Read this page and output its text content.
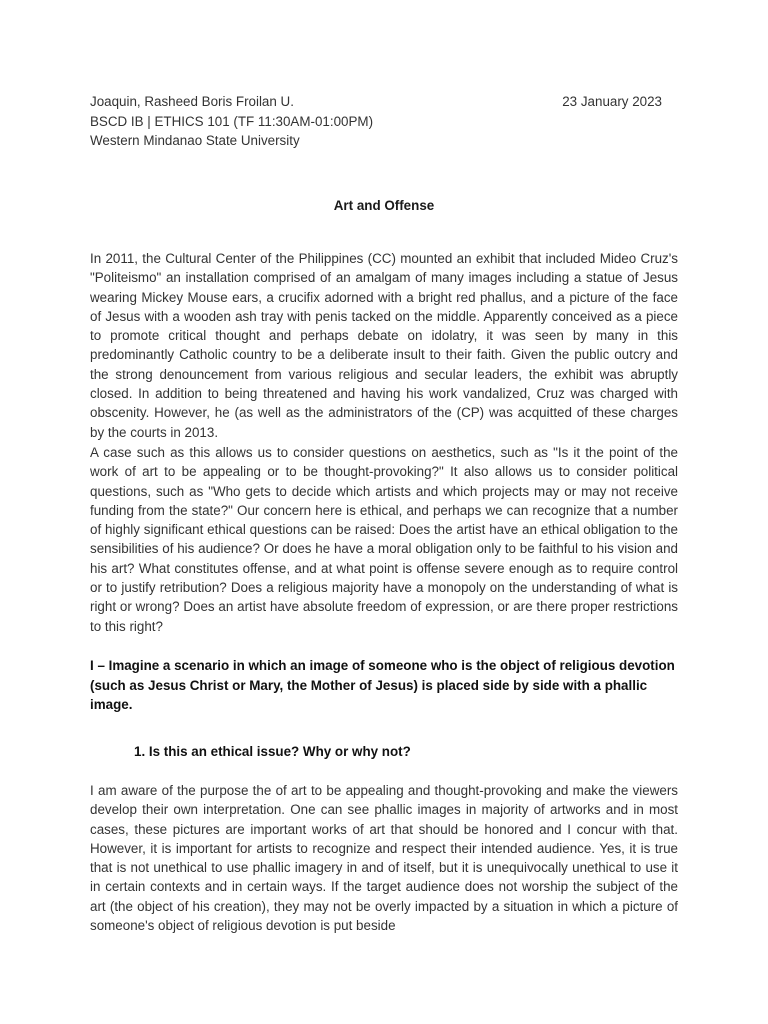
Joaquin, Rasheed Boris Froilan U.	23 January 2023
BSCD IB | ETHICS 101 (TF 11:30AM-01:00PM)
Western Mindanao State University
Art and Offense

In 2011, the Cultural Center of the Philippines (CC) mounted an exhibit that included Mideo Cruz's "Politeismo" an installation comprised of an amalgam of many images including a statue of Jesus wearing Mickey Mouse ears, a crucifix adorned with a bright red phallus, and a picture of the face of Jesus with a wooden ash tray with penis tacked on the middle. Apparently conceived as a piece to promote critical thought and perhaps debate on idolatry, it was seen by many in this predominantly Catholic country to be a deliberate insult to their faith. Given the public outcry and the strong denouncement from various religious and secular leaders, the exhibit was abruptly closed. In addition to being threatened and having his work vandalized, Cruz was charged with obscenity. However, he (as well as the administrators of the (CP) was acquitted of these charges by the courts in 2013.

A case such as this allows us to consider questions on aesthetics, such as "Is it the point of the work of art to be appealing or to be thought-provoking?" It also allows us to consider political questions, such as "Who gets to decide which artists and which projects may or may not receive funding from the state?" Our concern here is ethical, and perhaps we can recognize that a number of highly significant ethical questions can be raised: Does the artist have an ethical obligation to the sensibilities of his audience? Or does he have a moral obligation only to be faithful to his vision and his art? What constitutes offense, and at what point is offense severe enough as to require control or to justify retribution? Does a religious majority have a monopoly on the understanding of what is right or wrong? Does an artist have absolute freedom of expression, or are there proper restrictions to this right?

I – Imagine a scenario in which an image of someone who is the object of religious devotion (such as Jesus Christ or Mary, the Mother of Jesus) is placed side by side with a phallic image.

1. Is this an ethical issue? Why or why not?

I am aware of the purpose the of art to be appealing and thought-provoking and make the viewers develop their own interpretation. One can see phallic images in majority of artworks and in most cases, these pictures are important works of art that should be honored and I concur with that. However, it is important for artists to recognize and respect their intended audience. Yes, it is true that is not unethical to use phallic imagery in and of itself, but it is unequivocally unethical to use it in certain contexts and in certain ways. If the target audience does not worship the subject of the art (the object of his creation), they may not be overly impacted by a situation in which a picture of someone's object of religious devotion is put beside
